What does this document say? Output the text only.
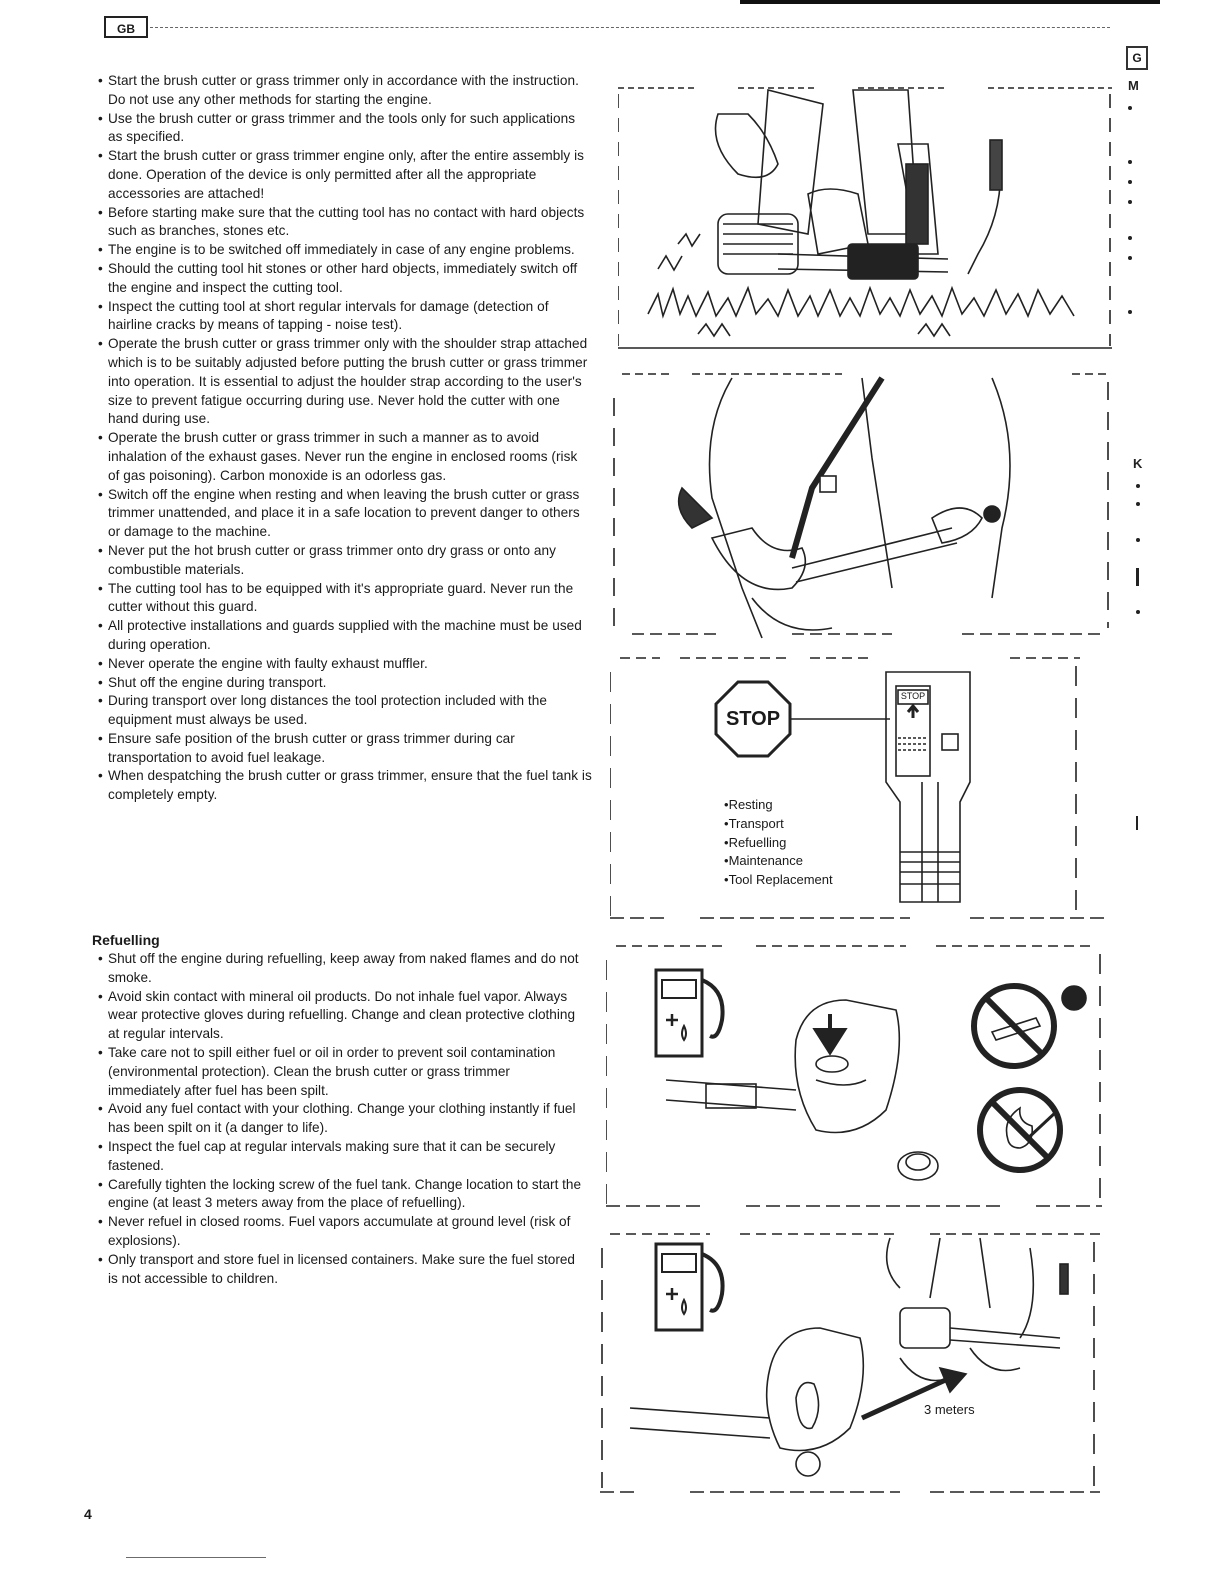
GB
G
• Start the brush cutter or grass trimmer only in accordance with the instruction. Do not use any other methods for starting the engine.
• Use the brush cutter or grass trimmer and the tools only for such applications as specified.
• Start the brush cutter or grass trimmer engine only, after the entire assembly is done. Operation of the device is only permitted after all the appropriate accessories are attached!
• Before starting make sure that the cutting tool has no contact with hard objects such as branches, stones etc.
• The engine is to be switched off immediately in case of any engine problems.
• Should the cutting tool hit stones or other hard objects, immediately switch off the engine and inspect the cutting tool.
• Inspect the cutting tool at short regular intervals for damage (detection of hairline cracks by means of tapping - noise test).
• Operate the brush cutter or grass trimmer only with the shoulder strap attached which is to be suitably adjusted before putting the brush cutter or grass trimmer into operation. It is essential to adjust the houlder strap according to the user's size to prevent fatigue occurring during use. Never hold the cutter with one hand during use.
• Operate the brush cutter or grass trimmer in such a manner as to avoid inhalation of the exhaust gases. Never run the engine in enclosed rooms (risk of gas poisoning). Carbon monoxide is an odorless gas.
• Switch off the engine when resting and when leaving the brush cutter or grass trimmer unattended, and place it in a safe location to prevent danger to others or damage to the machine.
• Never put the hot brush cutter or grass trimmer onto dry grass or onto any combustible materials.
• The cutting tool has to be equipped with it's appropriate guard. Never run the cutter without this guard.
• All protective installations and guards supplied with the machine must be used during operation.
• Never operate the engine with faulty exhaust muffler.
• Shut off the engine during transport.
• During transport over long distances the tool protection included with the equipment must always be used.
• Ensure safe position of the brush cutter or grass trimmer during car transportation to avoid fuel leakage.
• When despatching the brush cutter or grass trimmer, ensure that the fuel tank is completely empty.
Refuelling
• Shut off the engine during refuelling, keep away from naked flames and do not smoke.
• Avoid skin contact with mineral oil products. Do not inhale fuel vapor. Always wear protective gloves during refuelling. Change and clean protective clothing at regular intervals.
• Take care not to spill either fuel or oil in order to prevent soil contamination (environmental protection). Clean the brush cutter or grass trimmer immediately after fuel has been spilt.
• Avoid any fuel contact with your clothing. Change your clothing instantly if fuel has been spilt on it (a danger to life).
• Inspect the fuel cap at regular intervals making sure that it can be securely fastened.
• Carefully tighten the locking screw of the fuel tank. Change location to start the engine (at least 3 meters away from the place of refuelling).
• Never refuel in closed rooms. Fuel vapors accumulate at ground level (risk of explosions).
• Only transport and store fuel in licensed containers. Make sure the fuel stored is not accessible to children.
STOP
STOP
• Resting
• Transport
• Refuelling
• Maintenance
• Tool Replacement
3 meters
M
K
4
